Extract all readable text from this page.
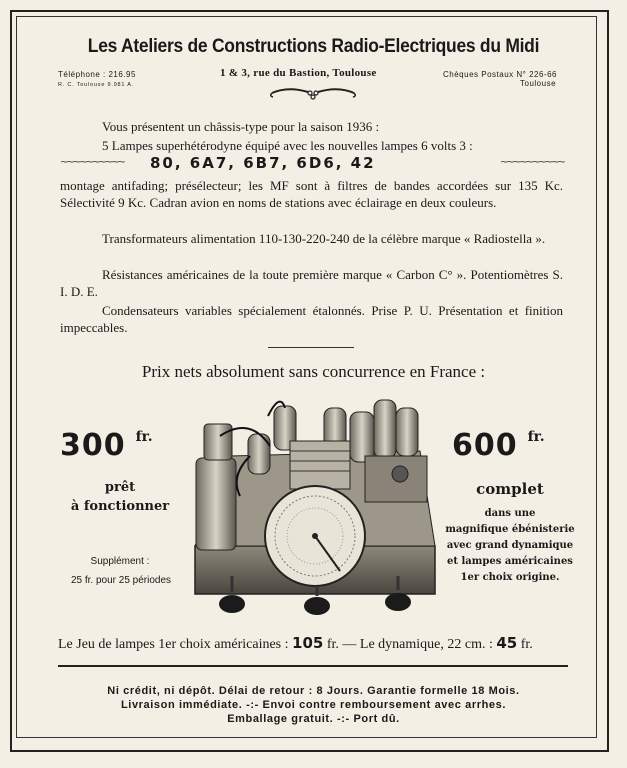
Les Ateliers de Constructions Radio-Electriques du Midi
Téléphone : 216.95
R. C. Toulouse 9.981 A.
1 & 3, rue du Bastion, Toulouse	Chèques Postaux N° 226-66
Toulouse
Vous présentent un châssis-type pour la saison 1936 :
5 Lampes superhétérodyne équipé avec les nouvelles lampes 6 volts 3 :
~~~~~~~~~~ 80, 6A7, 6B7, 6D6, 42	~~~~~~~~~~
montage antifading; présélecteur; les MF sont à filtres de bandes accordées sur 135 Kc. Sélectivité 9 Kc. Cadran avion en noms de stations avec éclairage en deux couleurs.
Transformateurs alimentation 110-130-220-240 de la célèbre marque « Radiostella ».
Résistances américaines de la toute première marque « Carbon C° ». Potentiomètres S. I. D. E.
Condensateurs variables spécialement étalonnés. Prise P. U. Présentation et finition impeccables.
Prix nets absolument sans concurrence en France :
300 fr.
prêt
à fonctionner
Supplément :
25 fr. pour 25 périodes
600 fr.
complet
dans une
magnifique ébénisterie
avec grand dynamique
et lampes américaines
1er choix origine.
Le Jeu de lampes 1er choix américaines : 105 fr. — Le dynamique, 22 cm. : 45 fr.
Ni crédit, ni dépôt. Délai de retour : 8 Jours. Garantie formelle 18 Mois.
Livraison immédiate. -:- Envoi contre remboursement avec arrhes.
Emballage gratuit. -:- Port dû.
